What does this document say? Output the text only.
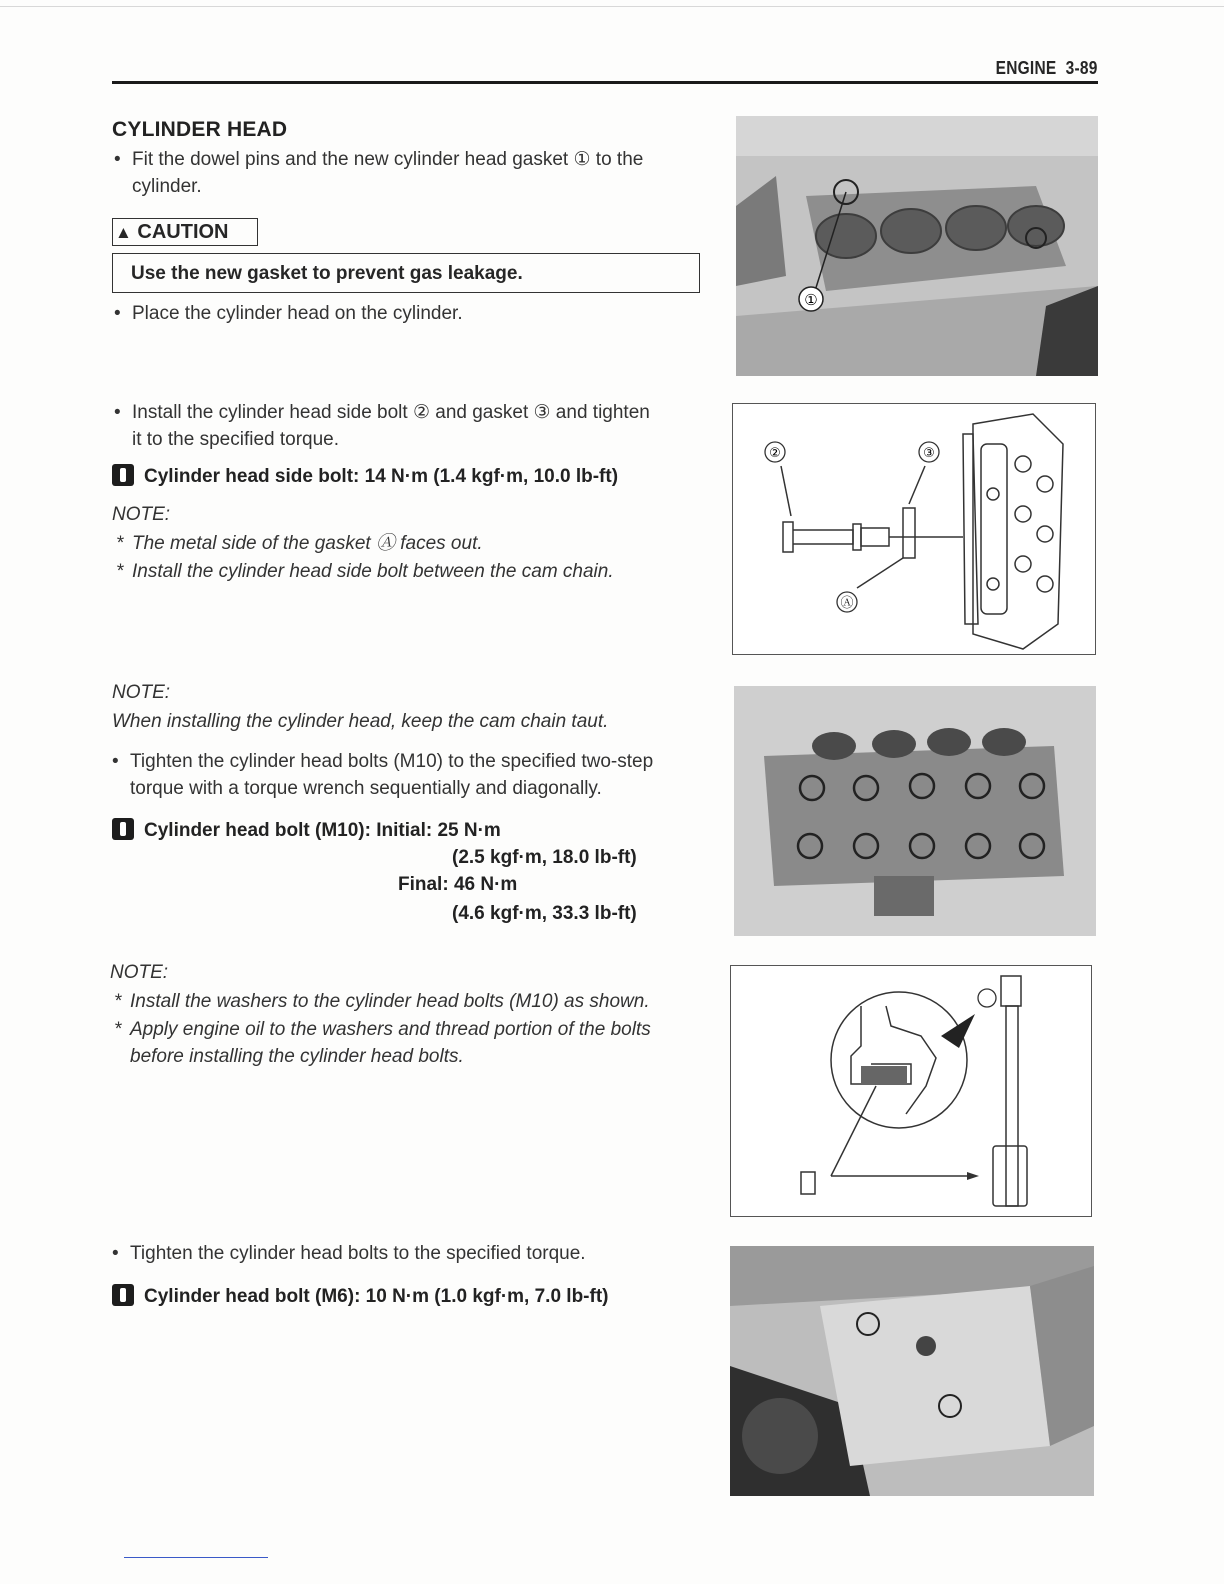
ENGINE 3-89
CYLINDER HEAD
• Fit the dowel pins and the new cylinder head gasket ① to the
cylinder.
▲ CAUTION
Use the new gasket to prevent gas leakage.
• Place the cylinder head on the cylinder.
• Install the cylinder head side bolt ② and gasket ③ and tighten
it to the specified torque.
Cylinder head side bolt: 14 N·m (1.4 kgf·m, 10.0 lb-ft)
NOTE:
* The metal side of the gasket Ⓐ faces out.
* Install the cylinder head side bolt between the cam chain.
NOTE:
When installing the cylinder head, keep the cam chain taut.
• Tighten the cylinder head bolts (M10) to the specified two-step
torque with a torque wrench sequentially and diagonally.
Cylinder head bolt (M10): Initial: 25 N·m
(2.5 kgf·m, 18.0 lb-ft)
Final: 46 N·m
(4.6 kgf·m, 33.3 lb-ft)
NOTE:
* Install the washers to the cylinder head bolts (M10) as shown.
* Apply engine oil to the washers and thread portion of the bolts
before installing the cylinder head bolts.
• Tighten the cylinder head bolts to the specified torque.
Cylinder head bolt (M6): 10 N·m (1.0 kgf·m, 7.0 lb-ft)
①
②	③
Ⓐ
